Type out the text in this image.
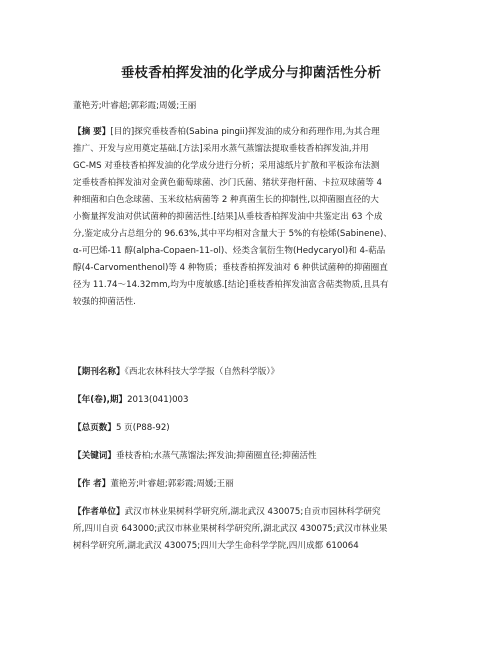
垂枝香柏挥发油的化学成分与抑菌活性分析
董艳芳;叶睿超;郭彩霞;周媛;王丽
【摘 要】[目的]探究垂枝香柏(Sabina pingii)挥发油的成分和药理作用,为其合理
推广、开发与应用奠定基础.[方法]采用水蒸气蒸馏法提取垂枝香柏挥发油,并用
GC-MS 对垂枝香柏挥发油的化学成分进行分析；采用滤纸片扩散和平板涂布法测
定垂枝香柏挥发油对金黄色葡萄球菌、沙门氏菌、猪状芽孢杆菌、卡拉双球菌等 4
种细菌和白色念球菌、玉米纹枯病菌等 2 种真菌生长的抑制性,以抑菌圈直径的大
小衡量挥发油对供试菌种的抑菌活性.[结果]从垂枝香柏挥发油中共鉴定出 63 个成
分,鉴定成分占总组分的 96.63%,其中平均相对含量大于 5%的有桧烯(Sabinene)、
α-可巴烯-11 醇(alpha-Copaen-11-ol)、烃类含氧衍生物(Hedycaryol)和 4-萜品
醇(4-Carvomenthenol)等 4 种物质；垂枝香柏挥发油对 6 种供试菌种的抑菌圈直
径为 11.74～14.32mm,均为中度敏感.[结论]垂枝香柏挥发油富含萜类物质,且具有
较强的抑菌活性.
【期刊名称】《西北农林科技大学学报（自然科学版）》
【年(卷),期】2013(041)003
【总页数】5 页(P88-92)
【关键词】垂枝香柏;水蒸气蒸馏法;挥发油;抑菌圈直径;抑菌活性
【作 者】董艳芳;叶睿超;郭彩霞;周媛;王丽
【作者单位】武汉市林业果树科学研究所,湖北武汉 430075;自贡市园林科学研究
所,四川自贡 643000;武汉市林业果树科学研究所,湖北武汉 430075;武汉市林业果
树科学研究所,湖北武汉 430075;四川大学生命科学学院,四川成都 610064
